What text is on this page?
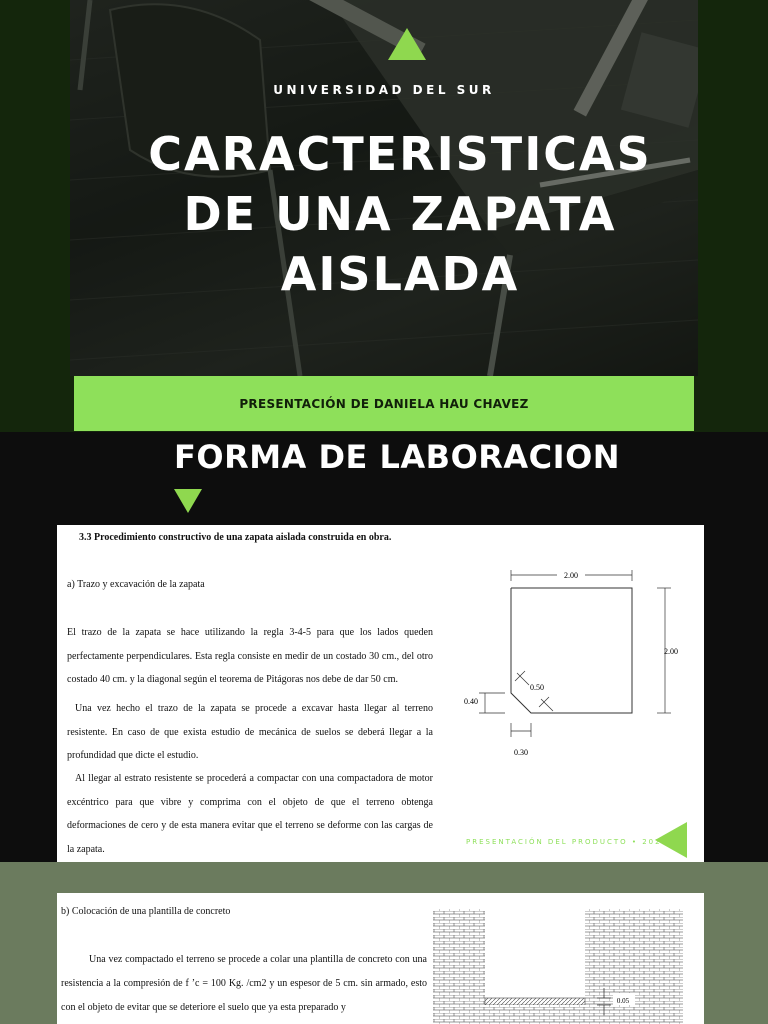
UNIVERSIDAD DEL SUR
CARACTERISTICAS
DE UNA ZAPATA
AISLADA
PRESENTACIÓN DE DANIELA HAU CHAVEZ
FORMA DE LABORACION
3.3 Procedimiento constructivo de una zapata aislada construida en obra.
a) Trazo y excavación de la zapata
El trazo de la zapata se hace utilizando la regla 3-4-5 para que los lados queden perfectamente perpendiculares. Esta regla consiste en medir de un costado 30 cm., del otro costado 40 cm. y la diagonal según el teorema de Pitágoras nos debe de dar 50 cm.
Una vez hecho el trazo de la zapata se procede a excavar hasta llegar al terreno resistente. En caso de que exista estudio de mecánica de suelos se deberá llegar a la profundidad que dicte el estudio.
Al llegar al estrato resistente se procederá a compactar con una compactadora de motor excéntrico para que vibre y comprima con el objeto de que el terreno obtenga deformaciones de cero y de esta manera evitar que el terreno se deforme con las cargas de la zapata.
2.00
2.00
0.50
0.40
0.30
PRESENTACIÓN DEL PRODUCTO • 2021
b) Colocación de una plantilla de concreto
Una vez compactado el terreno se procede a colar una plantilla de concreto con una resistencia a la compresión de f ’c = 100 Kg. /cm2 y un espesor de 5 cm. sin armado, esto con el objeto de evitar que se deteriore el suelo que ya esta preparado y
0.05
